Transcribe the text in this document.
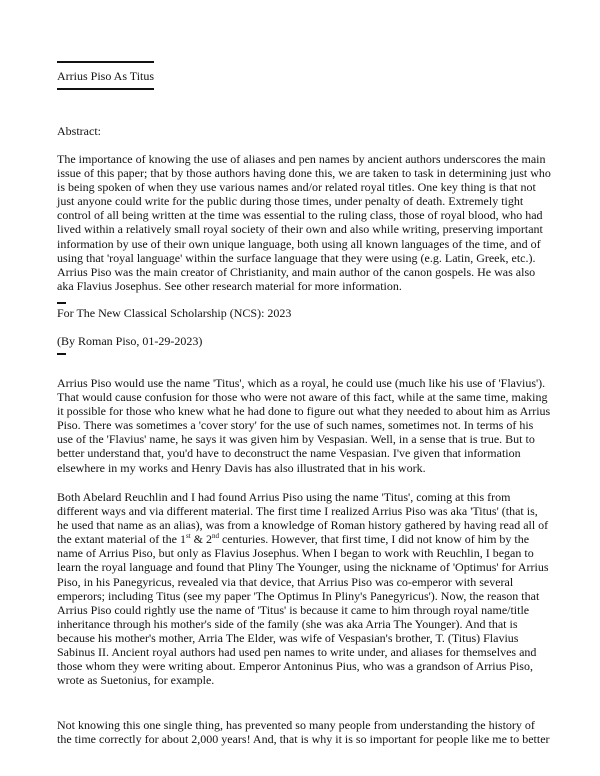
Arrius Piso As Titus
Abstract:
The importance of knowing the use of aliases and pen names by ancient authors underscores the main issue of this paper; that by those authors having done this, we are taken to task in determining just who is being spoken of when they use various names and/or related royal titles. One key thing is that not just anyone could write for the public during those times, under penalty of death. Extremely tight control of all being written at the time was essential to the ruling class, those of royal blood, who had lived within a relatively small royal society of their own and also while writing, preserving important information by use of their own unique language, both using all known languages of the time, and of using that 'royal language' within the surface language that they were using (e.g. Latin, Greek, etc.). Arrius Piso was the main creator of Christianity, and main author of the canon gospels. He was also aka Flavius Josephus. See other research material for more information.
For The New Classical Scholarship (NCS): 2023
(By Roman Piso, 01-29-2023)
Arrius Piso would use the name 'Titus', which as a royal, he could use (much like his use of 'Flavius'). That would cause confusion for those who were not aware of this fact, while at the same time, making it possible for those who knew what he had done to figure out what they needed to about him as Arrius Piso. There was sometimes a 'cover story' for the use of such names, sometimes not. In terms of his use of the 'Flavius' name, he says it was given him by Vespasian. Well, in a sense that is true. But to better understand that, you'd have to deconstruct the name Vespasian. I've given that information elsewhere in my works and Henry Davis has also illustrated that in his work.
Both Abelard Reuchlin and I had found Arrius Piso using the name 'Titus', coming at this from different ways and via different material. The first time I realized Arrius Piso was aka 'Titus' (that is, he used that name as an alias), was from a knowledge of Roman history gathered by having read all of the extant material of the 1st & 2nd centuries. However, that first time, I did not know of him by the name of Arrius Piso, but only as Flavius Josephus. When I began to work with Reuchlin, I began to learn the royal language and found that Pliny The Younger, using the nickname of 'Optimus' for Arrius Piso, in his Panegyricus, revealed via that device, that Arrius Piso was co-emperor with several emperors; including Titus (see my paper 'The Optimus In Pliny's Panegyricus'). Now, the reason that Arrius Piso could rightly use the name of 'Titus' is because it came to him through royal name/title inheritance through his mother's side of the family (she was aka Arria The Younger). And that is because his mother's mother, Arria The Elder, was wife of Vespasian's brother, T. (Titus) Flavius Sabinus II. Ancient royal authors had used pen names to write under, and aliases for themselves and those whom they were writing about. Emperor Antoninus Pius, who was a grandson of Arrius Piso, wrote as Suetonius, for example.
Not knowing this one single thing, has prevented so many people from understanding the history of the time correctly for about 2,000 years! And, that is why it is so important for people like me to better
